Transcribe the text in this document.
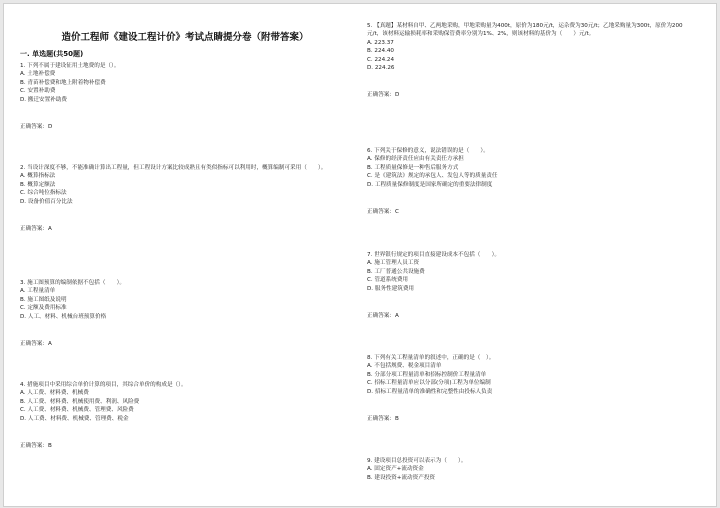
造价工程师《建设工程计价》考试点睛提分卷（附带答案）
一. 单选题(共50题)
1. 下列不属于建设征用土地费的是（）。
A. 土地补偿费
B. 青苗补偿费和地上附着物补偿费
C. 安置补助费
D. 搬迁安置补助费
正确答案：D
2. 当设计深度不够，不能准确计算出工程量，但工程设计方案比较成熟且有类似指标可以利用时，概算编制可采用（　　）。
A. 概算指标法
B. 概算定额法
C. 综合吨位指标法
D. 设备价值百分比法
正确答案：A
3. 施工图预算的编制依据不包括（　　）。
A. 工程量清单
B. 施工图纸及说明
C. 定额及费用标准
D. 人工、材料、机械台班预算价格
正确答案：A
4. 措施项目中采用综合单价计算的项目，其综合单价的构成是（）。
A. 人工费、材料费、机械费
B. 人工费、材料费、机械使用费、利润、风险费
C. 人工费、材料费、机械费、管理费、风险费
D. 人工费、材料费、机械费、管理费、税金
正确答案：B
5. 【真题】某材料自甲、乙两地采购，甲地采购量为400t，原价为180元/t，运杂费为30元/t；乙地采购量为300t，原价为200元/t，该材料运输损耗率和采购保管费率分别为1%、2%，则该材料的基价为（　　）元/t。
A. 223.37
B. 224.40
C. 224.24
D. 224.26
正确答案：D
6. 下列关于保修的意义，说法错误的是（　　）。
A. 保修的经济责任应由有关责任方承担
B. 工程质量保修是一种售后服务方式
C. 是《建筑法》规定的承包人、发包人等的质量责任
D. 工程质量保修制度是国家所确定的重要法律制度
正确答案：C
7. 世界银行规定的项目直接建设成本不包括（　　）。
A. 施工管理人员工资
B. 工厂普通公共设施费
C. 管道系统费用
D. 服务性建筑费用
正确答案：A
8. 下列有关工程量清单的叙述中，正确的是（　）。
A. 不包括规费、税金项目清单
B. 分部分项工程量清单和招标控制价工程量清单
C. 招标工程量清单应以分部(分项)工程为单位编制
D. 招标工程量清单的准确性和完整性由投标人负责
正确答案：B
9. 建设项目总投资可以表示为（　　）。
A. 固定资产+流动资金
B. 建设投资+流动资产投资
